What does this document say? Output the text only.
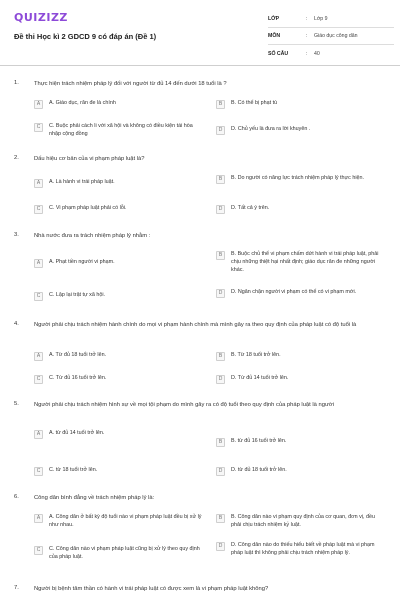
QUIZIZZ
Đề thi Học kì 2 GDCD 9 có đáp án (Đề 1)
LỚP	:	Lớp 9
MÔN	:	Giáo dục công dân
SỐ CÂU	:	40
1.	Thực hiện trách nhiệm pháp lý đối với người từ đủ 14 đến dưới 18 tuổi là ?
A	A. Giáo dục, răn đe là chính	B	B. Có thể bị phạt tù
C	C. Buộc phải cách li với xã hội và không có điều kiện tái hòa nhập cộng đồng
D	D. Chủ yếu là đưa ra lời khuyên .
2.	Dấu hiệu cơ bản của vi phạm pháp luật là?
A	A. Là hành vi trái pháp luật.
B	B. Do người có năng lực trách nhiệm pháp lý thực hiện.
C	C. Vi phạm pháp luật phải có lỗi.	D	D. Tất cả ý trên.
3.	Nhà nước đưa ra trách nhiệm pháp lý nhằm :
A	A. Phạt tiền người vi phạm.
B	B. Buộc chủ thể vi phạm chấm dứt hành vi trái pháp luật, phải chịu những thiệt hại nhất định; giáo dục răn đe những người khác.
C	C. Lập lại trật tự xã hội.	D	D. Ngăn chặn người vi phạm có thể có vi phạm mới.
4.	Người phải chịu trách nhiệm hành chính do mọi vi phạm hành chính mà mình gây ra theo quy định của pháp luật có độ tuổi là
A	A. Từ đủ 18 tuổi trở lên.	B	B. Từ 18 tuổi trở lên.
C	C. Từ đủ 16 tuổi trở lên.	D	D. Từ đủ 14 tuổi trở lên.
5.	Người phải chịu trách nhiệm hình sự về mọi tội phạm do mình gây ra có độ tuổi theo quy định của pháp luật là người
A	A. từ đủ 14 tuổi trở lên.
B	B. từ đủ 16 tuổi trở lên.
C	C. từ 18 tuổi trở lên.	D	D. từ đủ 18 tuổi trở lên.
6.	Công dân bình đẳng về trách nhiệm pháp lý là:
A	A. Công dân ở bất kỳ độ tuổi nào vi phạm pháp luật đều bị xử lý như nhau.
B	B. Công dân nào vi phạm quy định của cơ quan, đơn vị, đều phải chịu trách nhiệm kỷ luật.
C	C. Công dân nào vi phạm pháp luật cũng bị xử lý theo quy định của pháp luật.
D	D. Công dân nào do thiếu hiểu biết về pháp luật mà vi phạm pháp luật thì không phải chịu trách nhiệm pháp lý.
7.	Người bị bệnh tâm thần có hành vi trái pháp luật có được xem là vi phạm pháp luật không?
